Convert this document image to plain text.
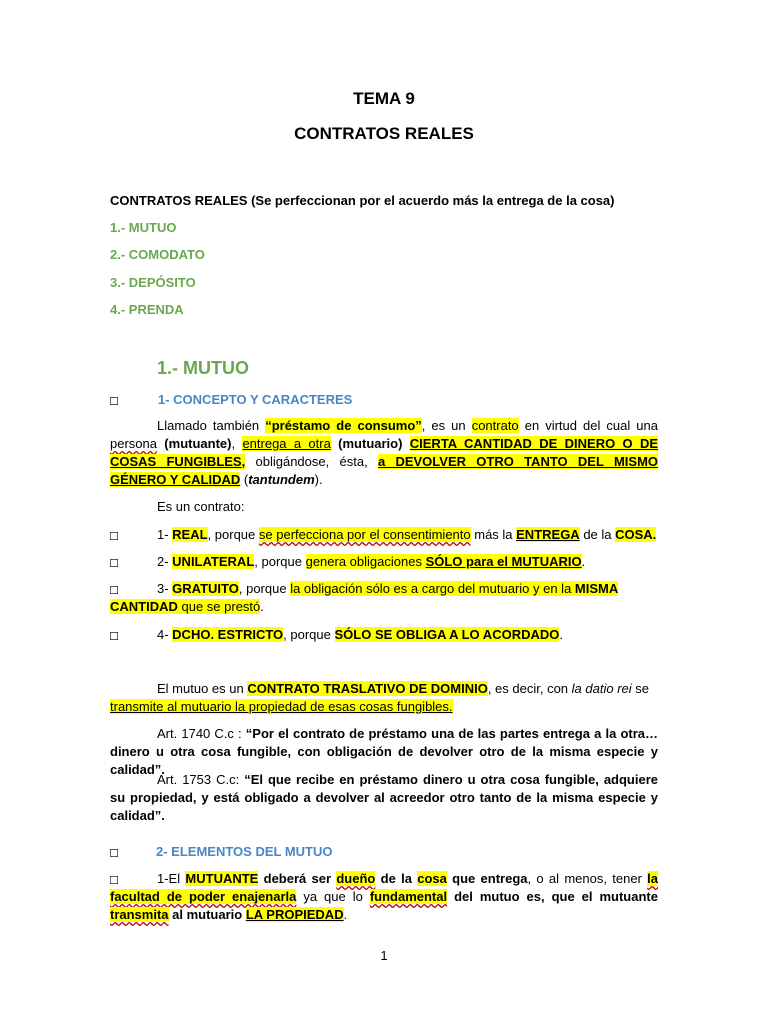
TEMA 9
CONTRATOS REALES
CONTRATOS REALES (Se perfeccionan por el acuerdo más la entrega de la cosa)
1.- MUTUO
2.- COMODATO
3.- DEPÓSITO
4.- PRENDA
1.- MUTUO
☐	1- CONCEPTO Y CARACTERES
Llamado también “préstamo de consumo”, es un contrato en virtud del cual una persona (mutuante), entrega a otra (mutuario) CIERTA CANTIDAD DE DINERO O DE COSAS FUNGIBLES, obligándose, ésta, a DEVOLVER OTRO TANTO DEL MISMO GÉNERO Y CALIDAD (tantundem).
Es un contrato:
☐	1- REAL, porque se perfecciona por el consentimiento más la ENTREGA de la COSA.
☐	2- UNILATERAL, porque genera obligaciones SÓLO para el MUTUARIO.
☐	3- GRATUITO, porque la obligación sólo es a cargo del mutuario y en la MISMA
CANTIDAD que se prestó.
☐	4- DCHO. ESTRICTO, porque SÓLO SE OBLIGA A LO ACORDADO.
El mutuo es un CONTRATO TRASLATIVO DE DOMINIO, es decir, con la datio rei se
transmite al mutuario la propiedad de esas cosas fungibles.
Art. 1740 C.c : “Por el contrato de préstamo una de las partes entrega a la otra… dinero u otra cosa fungible, con obligación de devolver otro de la misma especie y calidad”.
Art. 1753 C.c: “El que recibe en préstamo dinero u otra cosa fungible, adquiere su propiedad, y está obligado a devolver al acreedor otro tanto de la misma especie y calidad”.
☐	2- ELEMENTOS DEL MUTUO
☐	1-El MUTUANTE deberá ser dueño de la cosa que entrega, o al menos, tener la facultad de poder enajenarla ya que lo fundamental del mutuo es, que el mutuante transmita al mutuario LA PROPIEDAD.
1
